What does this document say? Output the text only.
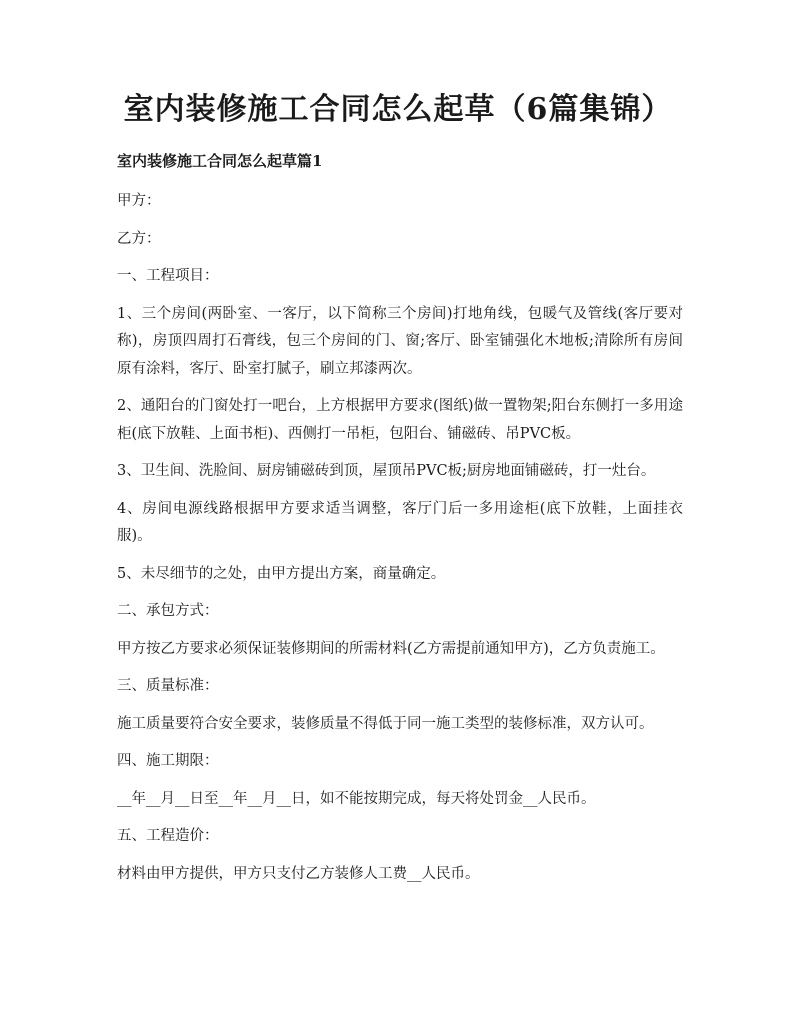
室内装修施工合同怎么起草（6篇集锦）
室内装修施工合同怎么起草篇1

甲方：

乙方：

一、工程项目：

1、三个房间(两卧室、一客厅，以下简称三个房间)打地角线，包暖气及管线(客厅要对称)，房顶四周打石膏线，包三个房间的门、窗;客厅、卧室铺强化木地板;清除所有房间原有涂料，客厅、卧室打腻子，刷立邦漆两次。

2、通阳台的门窗处打一吧台，上方根据甲方要求(图纸)做一置物架;阳台东侧打一多用途柜(底下放鞋、上面书柜)、西侧打一吊柜，包阳台、铺磁砖、吊PVC板。

3、卫生间、洗脸间、厨房铺磁砖到顶，屋顶吊PVC板;厨房地面铺磁砖，打一灶台。

4、房间电源线路根据甲方要求适当调整，客厅门后一多用途柜(底下放鞋，上面挂衣服)。

5、未尽细节的之处，由甲方提出方案，商量确定。

二、承包方式：

甲方按乙方要求必须保证装修期间的所需材料(乙方需提前通知甲方)，乙方负责施工。

三、质量标准：

施工质量要符合安全要求，装修质量不得低于同一施工类型的装修标准，双方认可。

四、施工期限：

__年__月__日至__年__月__日，如不能按期完成，每天将处罚金__人民币。

五、工程造价：

材料由甲方提供，甲方只支付乙方装修人工费__人民币。
